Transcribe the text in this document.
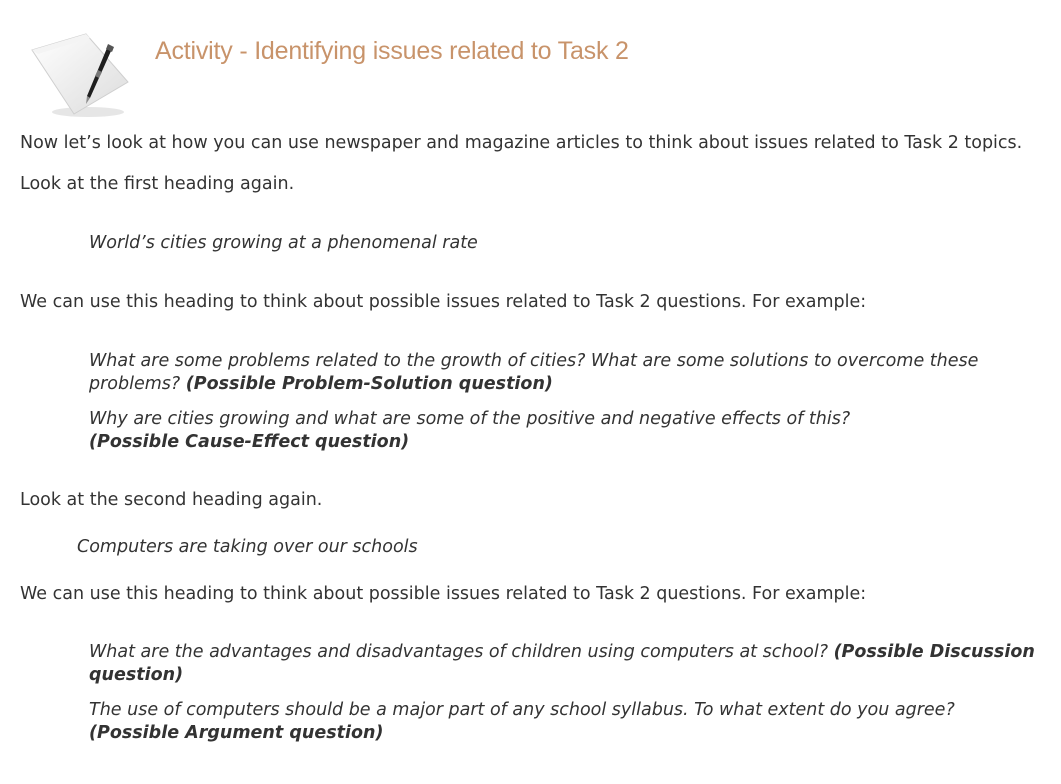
Activity - Identifying issues related to Task 2

Now let’s look at how you can use newspaper and magazine articles to think about issues related to Task 2 topics.

Look at the first heading again.

World’s cities growing at a phenomenal rate

We can use this heading to think about possible issues related to Task 2 questions. For example:

What are some problems related to the growth of cities? What are some solutions to overcome these problems? (Possible Problem-Solution question)

Why are cities growing and what are some of the positive and negative effects of this?
(Possible Cause-Effect question)

Look at the second heading again.

Computers are taking over our schools

We can use this heading to think about possible issues related to Task 2 questions. For example:

What are the advantages and disadvantages of children using computers at school? (Possible Discussion question)

The use of computers should be a major part of any school syllabus. To what extent do you agree? (Possible Argument question)
